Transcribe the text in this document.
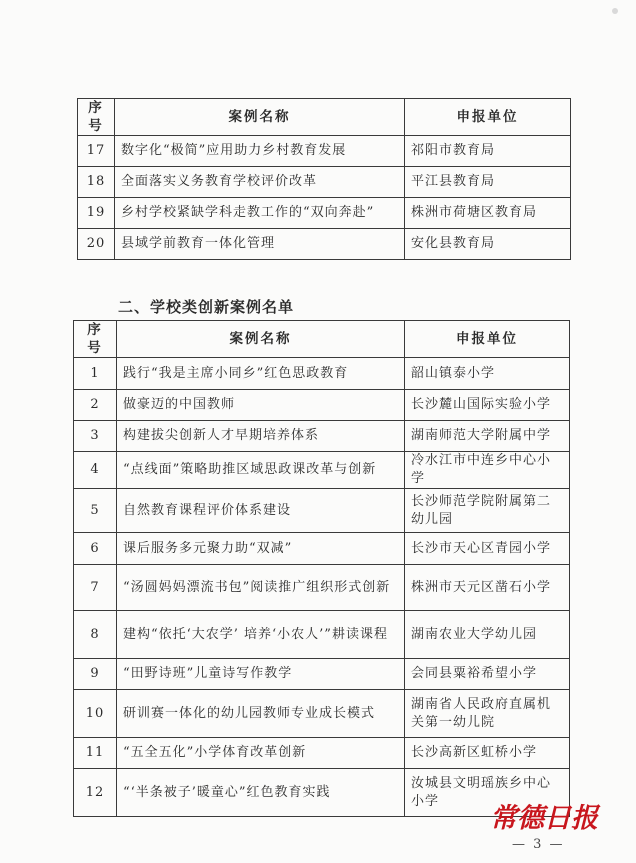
序号	案例名称	申报单位
17	数字化“极简”应用助力乡村教育发展	祁阳市教育局
18	全面落实义务教育学校评价改革	平江县教育局
19	乡村学校紧缺学科走教工作的“双向奔赴”	株洲市荷塘区教育局
20	县域学前教育一体化管理	安化县教育局
二、学校类创新案例名单
序号	案例名称	申报单位
1	践行“我是主席小同乡”红色思政教育	韶山镇泰小学
2	做豪迈的中国教师	长沙麓山国际实验小学
3	构建拔尖创新人才早期培养体系	湖南师范大学附属中学
4	“点线面”策略助推区域思政课改革与创新	冷水江市中连乡中心小学
5	自然教育课程评价体系建设	长沙师范学院附属第二幼儿园
6	课后服务多元聚力助“双减”	长沙市天心区青园小学
7	“汤圆妈妈漂流书包”阅读推广组织形式创新	株洲市天元区凿石小学
8	建构“依托‘大农学’ 培养‘小农人’”耕读课程	湖南农业大学幼儿园
9	“田野诗班”儿童诗写作教学	会同县粟裕希望小学
10	研训赛一体化的幼儿园教师专业成长模式	湖南省人民政府直属机关第一幼儿院
11	“五全五化”小学体育改革创新	长沙高新区虹桥小学
12	“‘半条被子’暖童心”红色教育实践	汝城县文明瑶族乡中心小学
常德日报
— 3 —
